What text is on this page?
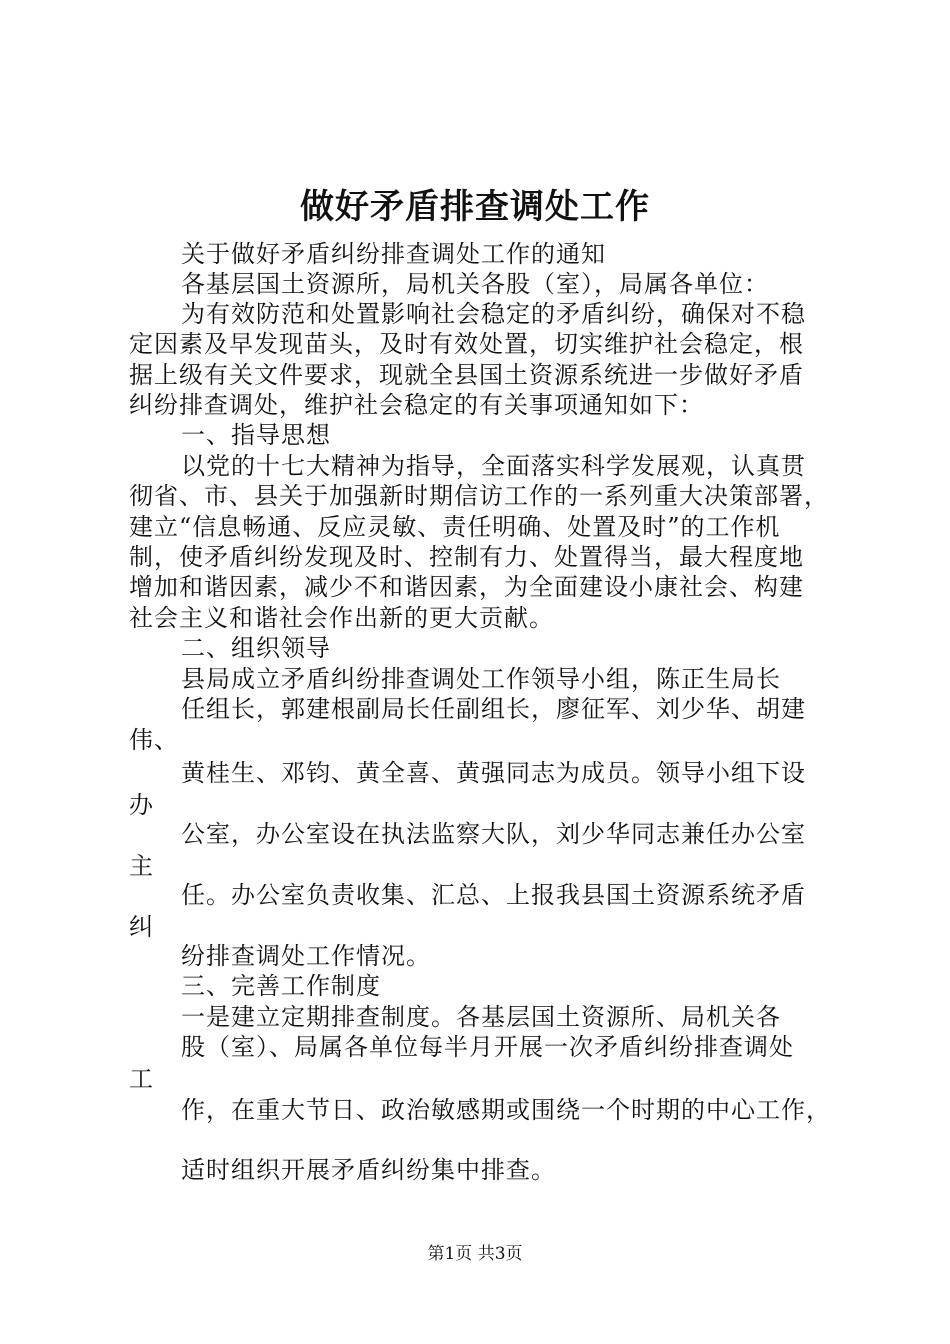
做好矛盾排查调处工作
关于做好矛盾纠纷排查调处工作的通知
各基层国土资源所，局机关各股（室），局属各单位：
为有效防范和处置影响社会稳定的矛盾纠纷，确保对不稳
定因素及早发现苗头，及时有效处置，切实维护社会稳定，根
据上级有关文件要求，现就全县国土资源系统进一步做好矛盾
纠纷排查调处，维护社会稳定的有关事项通知如下：
一、指导思想
以党的十七大精神为指导，全面落实科学发展观，认真贯
彻省、市、县关于加强新时期信访工作的一系列重大决策部署，
建立“信息畅通、反应灵敏、责任明确、处置及时”的工作机
制，使矛盾纠纷发现及时、控制有力、处置得当，最大程度地
增加和谐因素，减少不和谐因素，为全面建设小康社会、构建
社会主义和谐社会作出新的更大贡献。
二、组织领导
县局成立矛盾纠纷排查调处工作领导小组，陈正生局长
任组长，郭建根副局长任副组长，廖征军、刘少华、胡建
伟、
黄桂生、邓钧、黄全喜、黄强同志为成员。领导小组下设
办
公室，办公室设在执法监察大队，刘少华同志兼任办公室
主
任。办公室负责收集、汇总、上报我县国土资源系统矛盾
纠
纷排查调处工作情况。
三、完善工作制度
一是建立定期排查制度。各基层国土资源所、局机关各
股（室）、局属各单位每半月开展一次矛盾纠纷排查调处
工
作，在重大节日、政治敏感期或围绕一个时期的中心工作，
适时组织开展矛盾纠纷集中排查。
第1页 共3页
